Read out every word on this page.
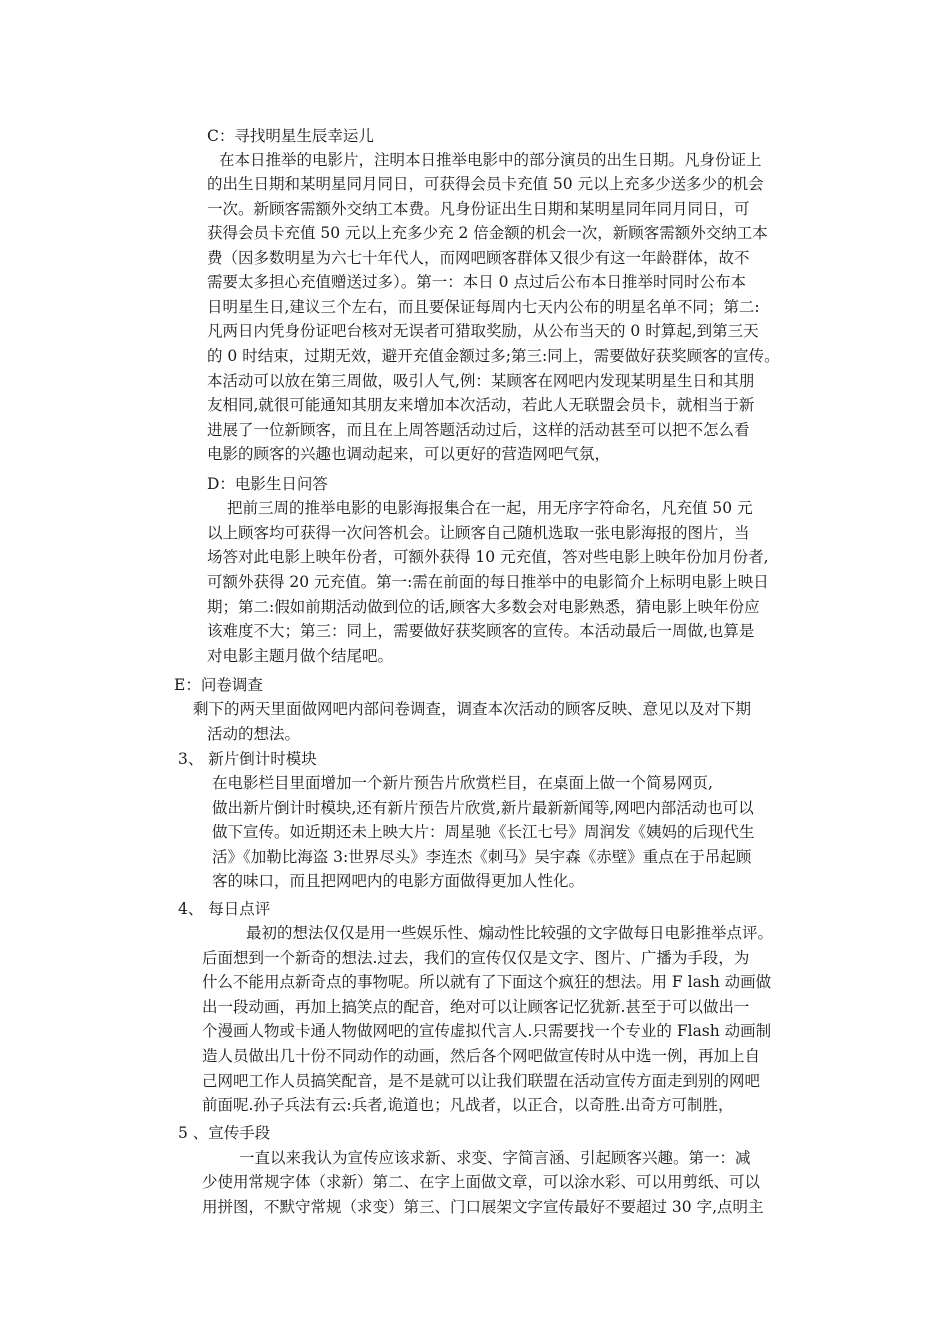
C：寻找明星生辰幸运儿
在本日推举的电影片，注明本日推举电影中的部分演员的出生日期。凡身份证上
的出生日期和某明星同月同日，可获得会员卡充值 50 元以上充多少送多少的机会
一次。新顾客需额外交纳工本费。凡身份证出生日期和某明星同年同月同日，可
获得会员卡充值 50 元以上充多少充 2 倍金额的机会一次，新顾客需额外交纳工本
费（因多数明星为六七十年代人，而网吧顾客群体又很少有这一年龄群体，故不
需要太多担心充值赠送过多）。第一：本日 0 点过后公布本日推举时同时公布本
日明星生日,建议三个左右，而且要保证每周内七天内公布的明星名单不同；第二:
凡两日内凭身份证吧台核对无误者可猎取奖励，从公布当天的 0 时算起,到第三天
的 0 时结束，过期无效，避开充值金额过多;第三:同上，需要做好获奖顾客的宣传。
本活动可以放在第三周做，吸引人气,例：某顾客在网吧内发现某明星生日和其朋
友相同,就很可能通知其朋友来增加本次活动，若此人无联盟会员卡，就相当于新
进展了一位新顾客，而且在上周答题活动过后，这样的活动甚至可以把不怎么看
电影的顾客的兴趣也调动起来，可以更好的营造网吧气氛，
D：电影生日问答
把前三周的推举电影的电影海报集合在一起，用无序字符命名，凡充值 50 元
以上顾客均可获得一次问答机会。让顾客自己随机选取一张电影海报的图片，当
场答对此电影上映年份者，可额外获得 10 元充值，答对些电影上映年份加月份者,
可额外获得 20 元充值。第一:需在前面的每日推举中的电影简介上标明电影上映日
期；第二:假如前期活动做到位的话,顾客大多数会对电影熟悉，猜电影上映年份应
该难度不大；第三：同上，需要做好获奖顾客的宣传。本活动最后一周做,也算是
对电影主题月做个结尾吧。
E：问卷调查
剩下的两天里面做网吧内部问卷调查，调查本次活动的顾客反映、意见以及对下期
活动的想法。
3、 新片倒计时模块
在电影栏目里面增加一个新片预告片欣赏栏目，在桌面上做一个简易网页,
做出新片倒计时模块,还有新片预告片欣赏,新片最新新闻等,网吧内部活动也可以
做下宣传。如近期还未上映大片：周星驰《长江七号》周润发《姨妈的后现代生
活》《加勒比海盗 3:世界尽头》李连杰《刺马》吴宇森《赤壁》重点在于吊起顾
客的味口，而且把网吧内的电影方面做得更加人性化。
4、 每日点评
最初的想法仅仅是用一些娱乐性、煽动性比较强的文字做每日电影推举点评。
后面想到一个新奇的想法.过去，我们的宣传仅仅是文字、图片、广播为手段，为
什么不能用点新奇点的事物呢。所以就有了下面这个疯狂的想法。用 F lash 动画做
出一段动画，再加上搞笑点的配音，绝对可以让顾客记忆犹新.甚至于可以做出一
个漫画人物或卡通人物做网吧的宣传虚拟代言人.只需要找一个专业的 Flash 动画制
造人员做出几十份不同动作的动画，然后各个网吧做宣传时从中选一例，再加上自
己网吧工作人员搞笑配音，是不是就可以让我们联盟在活动宣传方面走到别的网吧
前面呢.孙子兵法有云:兵者,诡道也；凡战者，以正合，以奇胜.出奇方可制胜，
5 、宣传手段
一直以来我认为宣传应该求新、求变、字简言涵、引起顾客兴趣。第一：减
少使用常规字体（求新）第二、在字上面做文章，可以涂水彩、可以用剪纸、可以
用拼图，不默守常规（求变）第三、门口展架文字宣传最好不要超过 30 字,点明主
